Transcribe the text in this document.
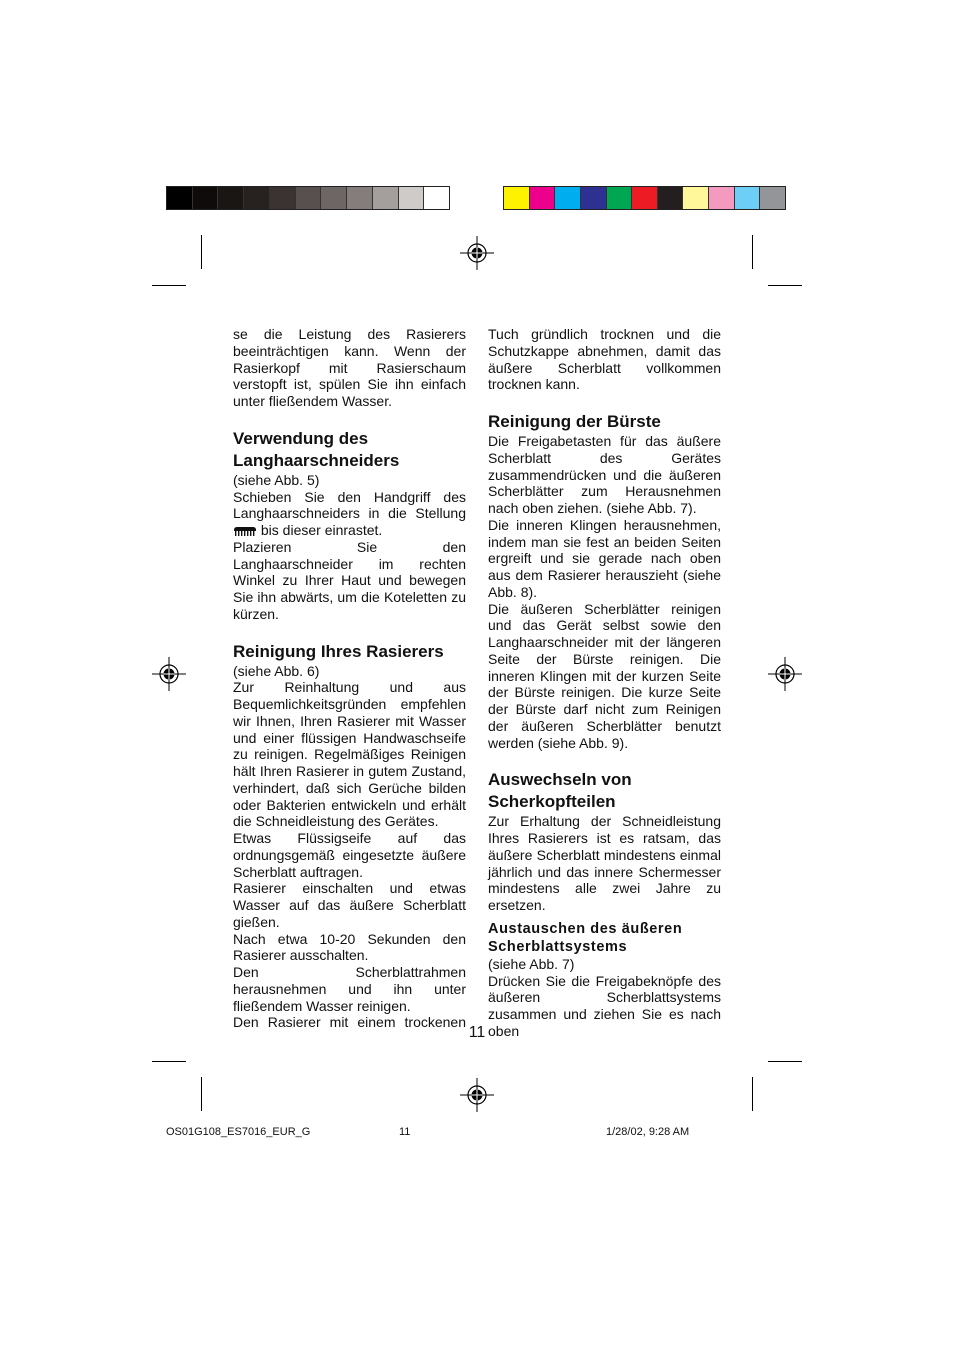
se die Leistung des Rasierers beeinträchtigen kann. Wenn der Rasierkopf mit Rasierschaum verstopft ist, spülen Sie ihn einfach unter fließendem Wasser.

Verwendung des Langhaarschneiders

(siehe Abb. 5)

Schieben Sie den Handgriff des Langhaarschneiders in die Stellung  bis dieser einrastet.

Plazieren Sie den Langhaarschneider im rechten Winkel zu Ihrer Haut und bewegen Sie ihn abwärts, um die Koteletten zu kürzen.

Reinigung Ihres Rasierers

(siehe Abb. 6)

Zur Reinhaltung und aus Bequemlichkeitsgründen empfehlen wir Ihnen, Ihren Rasierer mit Wasser und einer flüssigen Handwaschseife zu reinigen. Regelmäßiges Reinigen hält Ihren Rasierer in gutem Zustand, verhindert, daß sich Gerüche bilden oder Bakterien entwickeln und erhält die Schneidleistung des Gerätes.

Etwas Flüssigseife auf das ordnungsgemäß eingesetzte äußere Scherblatt auftragen.

Rasierer einschalten und etwas Wasser auf das äußere Scherblatt gießen.

Nach etwa 10-20 Sekunden den Rasierer ausschalten.

Den Scherblattrahmen herausnehmen und ihn unter fließendem Wasser reinigen.

Den Rasierer mit einem trockenen

Tuch gründlich trocknen und die Schutzkappe abnehmen, damit das äußere Scherblatt vollkommen trocknen kann.

Reinigung der Bürste

Die Freigabetasten für das äußere Scherblatt des Gerätes zusammendrücken und die äußeren Scherblätter zum Herausnehmen nach oben ziehen. (siehe Abb. 7).

Die inneren Klingen herausnehmen, indem man sie fest an beiden Seiten ergreift und sie gerade nach oben aus dem Rasierer herauszieht (siehe Abb. 8).

Die äußeren Scherblätter reinigen und das Gerät selbst sowie den Langhaarschneider mit der längeren Seite der Bürste reinigen. Die inneren Klingen mit der kurzen Seite der Bürste reinigen. Die kurze Seite der Bürste darf nicht zum Reinigen der äußeren Scherblätter benutzt werden (siehe Abb. 9).

Auswechseln von Scherkopfteilen

Zur Erhaltung der Schneidleistung Ihres Rasierers ist es ratsam, das äußere Scherblatt mindestens einmal jährlich und das innere Schermesser mindestens alle zwei Jahre zu ersetzen.

Austauschen des äußeren Scherblattsystems

(siehe Abb. 7)

Drücken Sie die Freigabeknöpfe des äußeren Scherblattsystems zusammen und ziehen Sie es nach oben

11
OS01G108_ES7016_EUR_G	11	1/28/02, 9:28 AM
